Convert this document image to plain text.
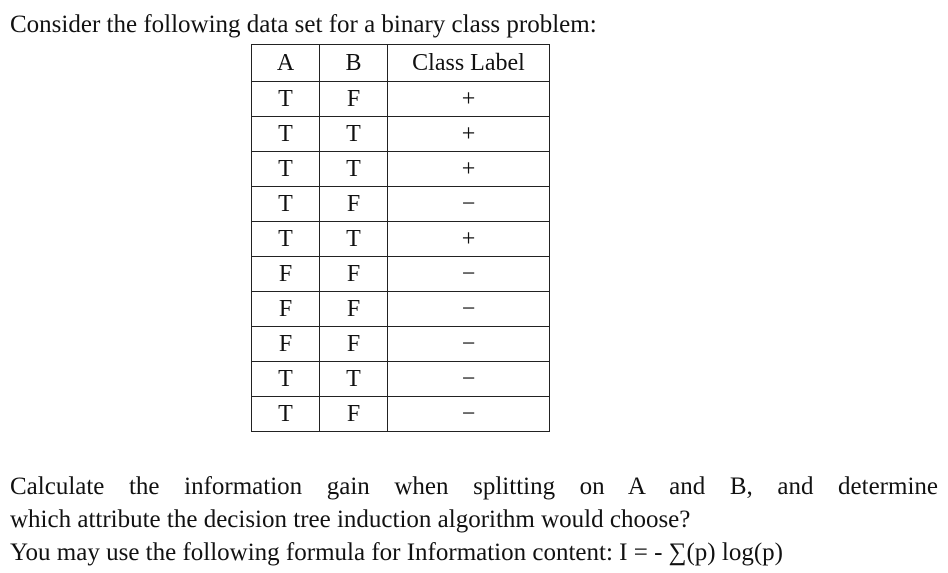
Consider the following data set for a binary class problem:
A	B	Class Label
T	F	+
T	T	+
T	T	+
T	F	−
T	T	+
F	F	−
F	F	−
F	F	−
T	T	−
T	F	−

Calculate the information gain when splitting on A and B, and determine

which attribute the decision tree induction algorithm would choose?

You may use the following formula for Information content: I = - ∑(p) log(p)
